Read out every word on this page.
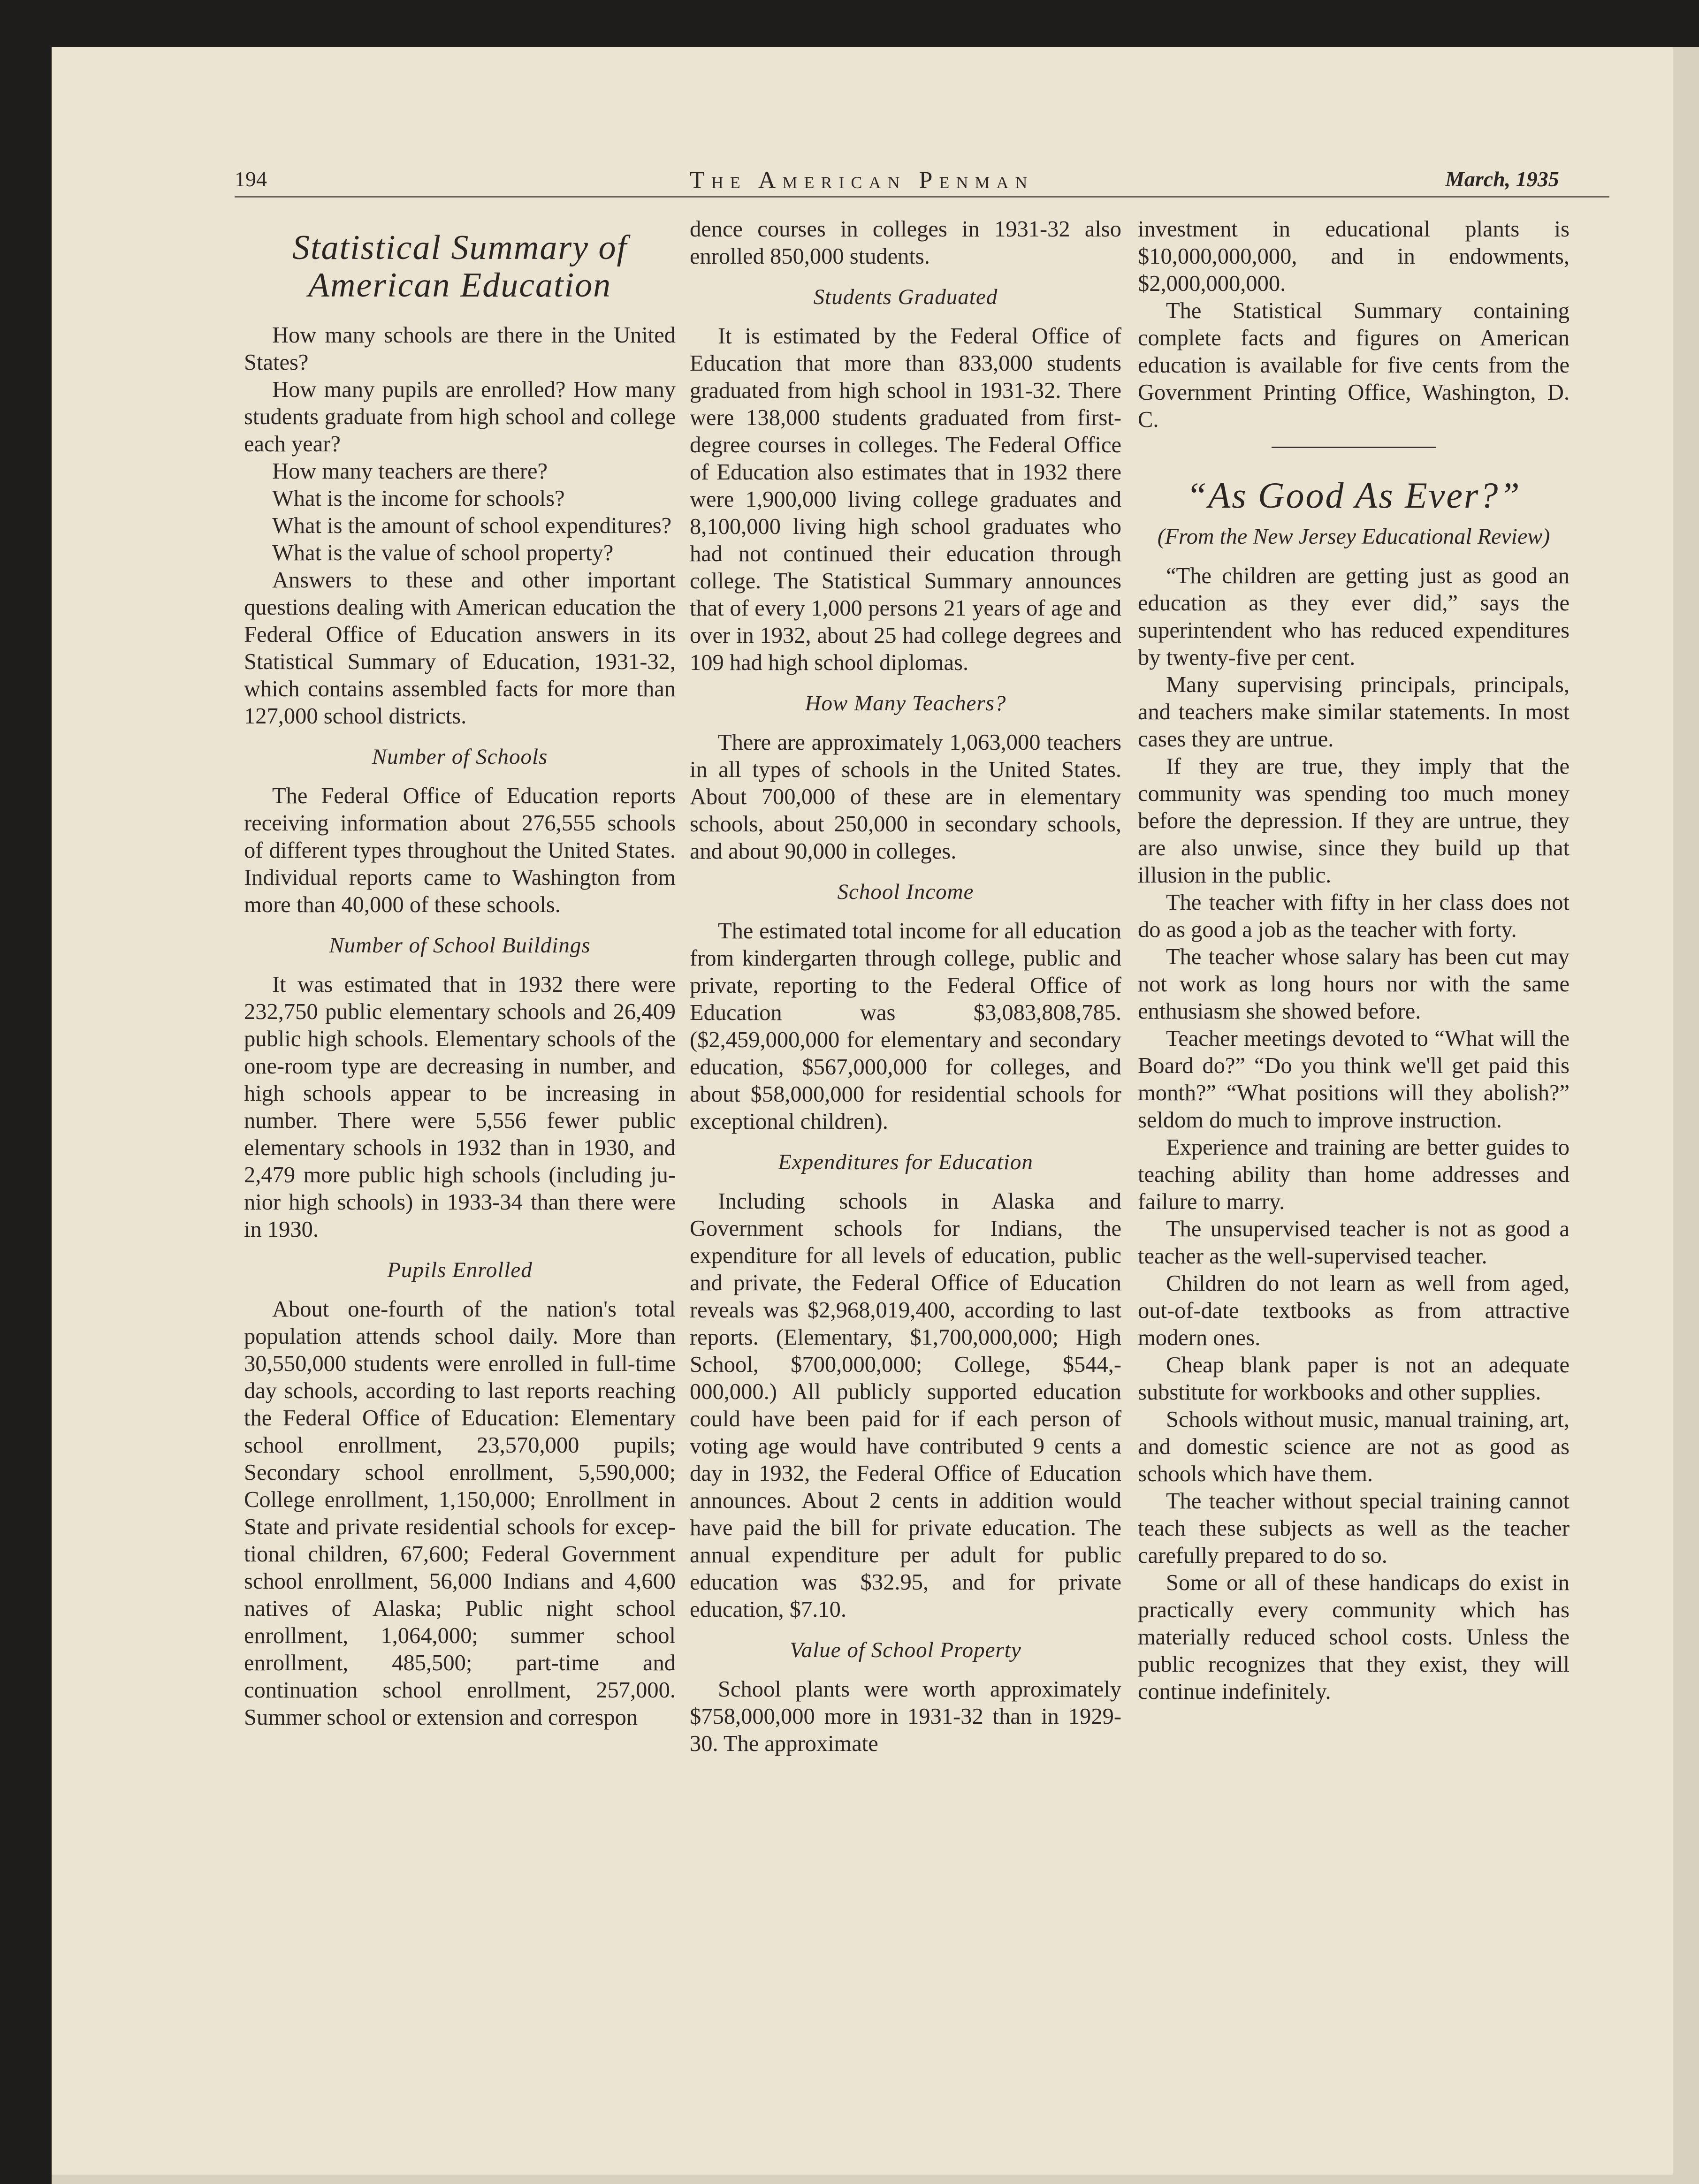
194	The American Penman	March, 1935
Statistical Summary of American Education

How many schools are there in the United States?

How many pupils are enrolled? How many students graduate from high school and college each year?

How many teachers are there?

What is the income for schools?

What is the amount of school expenditures?

What is the value of school property?

Answers to these and other important questions dealing with American education the Federal Office of Education answers in its Statistical Summary of Education, 1931-32, which contains assembled facts for more than 127,000 school districts.

Number of Schools

The Federal Office of Education reports receiving information about 276,555 schools of different types throughout the United States. Individual reports came to Washington from more than 40,000 of these schools.

Number of School Buildings

It was estimated that in 1932 there were 232,750 public elementary schools and 26,409 public high schools. Elementary schools of the one-room type are decreasing in number, and high schools appear to be increasing in number. There were 5,556 fewer public elementary schools in 1932 than in 1930, and 2,479 more public high schools (including junior high schools) in 1933-34 than there were in 1930.

Pupils Enrolled

About one-fourth of the nation's total population attends school daily. More than 30,550,000 students were enrolled in full-time day schools, according to last reports reaching the Federal Office of Education: Elementary school enrollment, 23,570,000 pupils; Secondary school enrollment, 5,590,000; College enrollment, 1,150,000; Enrollment in State and private residential schools for exceptional children, 67,600; Federal Government school enrollment, 56,000 Indians and 4,600 natives of Alaska; Public night school enrollment, 1,064,000; summer school enrollment, 485,500; part-time and continuation school enrollment, 257,000. Summer school or extension and correspon

dence courses in colleges in 1931-32 also enrolled 850,000 students.

Students Graduated

It is estimated by the Federal Office of Education that more than 833,000 students graduated from high school in 1931-32. There were 138,000 students graduated from first-degree courses in colleges. The Federal Office of Education also estimates that in 1932 there were 1,900,000 living college graduates and 8,100,000 living high school graduates who had not continued their education through college. The Statistical Summary announces that of every 1,000 persons 21 years of age and over in 1932, about 25 had college degrees and 109 had high school diplomas.

How Many Teachers?

There are approximately 1,063,000 teachers in all types of schools in the United States. About 700,000 of these are in elementary schools, about 250,000 in secondary schools, and about 90,000 in colleges.

School Income

The estimated total income for all education from kindergarten through college, public and private, reporting to the Federal Office of Education was $3,083,808,785. ($2,459,000,000 for elementary and secondary education, $567,000,000 for colleges, and about $58,000,000 for residential schools for exceptional children).

Expenditures for Education

Including schools in Alaska and Government schools for Indians, the expenditure for all levels of education, public and private, the Federal Office of Education reveals was $2,968,019,400, according to last reports. (Elementary, $1,700,000,000; High School, $700,000,000; College, $544,000,000.) All publicly supported education could have been paid for if each person of voting age would have contributed 9 cents a day in 1932, the Federal Office of Education announces. About 2 cents in addition would have paid the bill for private education. The annual expenditure per adult for public education was $32.95, and for private education, $7.10.

Value of School Property

School plants were worth approximately $758,000,000 more in 1931-32 than in 1929-30. The approximate

investment in educational plants is $10,000,000,000, and in endowments, $2,000,000,000.

The Statistical Summary containing complete facts and figures on American education is available for five cents from the Government Printing Office, Washington, D. C.

“As Good As Ever?”
(From the New Jersey Educational Review)

“The children are getting just as good an education as they ever did,” says the superintendent who has reduced expenditures by twenty-five per cent.

Many supervising principals, principals, and teachers make similar statements. In most cases they are untrue.

If they are true, they imply that the community was spending too much money before the depression. If they are untrue, they are also unwise, since they build up that illusion in the public.

The teacher with fifty in her class does not do as good a job as the teacher with forty.

The teacher whose salary has been cut may not work as long hours nor with the same enthusiasm she showed before.

Teacher meetings devoted to “What will the Board do?” “Do you think we'll get paid this month?” “What positions will they abolish?” seldom do much to improve instruction.

Experience and training are better guides to teaching ability than home addresses and failure to marry.

The unsupervised teacher is not as good a teacher as the well-supervised teacher.

Children do not learn as well from aged, out-of-date textbooks as from attractive modern ones.

Cheap blank paper is not an adequate substitute for workbooks and other supplies.

Schools without music, manual training, art, and domestic science are not as good as schools which have them.

The teacher without special training cannot teach these subjects as well as the teacher carefully prepared to do so.

Some or all of these handicaps do exist in practically every community which has materially reduced school costs. Unless the public recognizes that they exist, they will continue indefinitely.
